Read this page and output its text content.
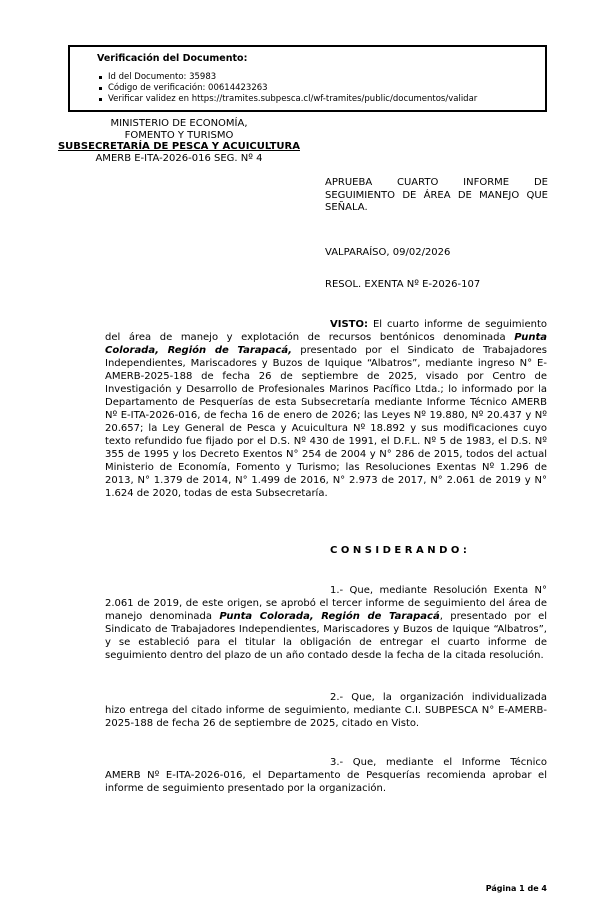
Verificación del Documento:
Id del Documento: 35983
Código de verificación: 00614423263
Verificar validez en https://tramites.subpesca.cl/wf-tramites/public/documentos/validar
MINISTERIO DE ECONOMÍA,
FOMENTO Y TURISMO
SUBSECRETARÍA DE PESCA Y ACUICULTURA
AMERB E-ITA-2026-016 SEG. Nº 4
APRUEBA CUARTO INFORME DE SEGUIMIENTO DE ÁREA DE MANEJO QUE SEÑALA.
VALPARAÍSO, 09/02/2026
RESOL. EXENTA Nº E-2026-107

VISTO: El cuarto informe de seguimiento del área de manejo y explotación de recursos bentónicos denominada Punta Colorada, Región de Tarapacá, presentado por el Sindicato de Trabajadores Independientes, Mariscadores y Buzos de Iquique “Albatros”, mediante ingreso N° E-AMERB-2025-188 de fecha 26 de septiembre de 2025, visado por Centro de Investigación y Desarrollo de Profesionales Marinos Pacífico Ltda.; lo informado por la Departamento de Pesquerías de esta Subsecretaría mediante Informe Técnico AMERB Nº E-ITA-2026-016, de fecha 16 de enero de 2026; las Leyes Nº 19.880, Nº 20.437 y Nº 20.657; la Ley General de Pesca y Acuicultura Nº 18.892 y sus modificaciones cuyo texto refundido fue fijado por el D.S. Nº 430 de 1991, el D.F.L. Nº 5 de 1983, el D.S. Nº 355 de 1995 y los Decreto Exentos N° 254 de 2004 y N° 286 de 2015, todos del actual Ministerio de Economía, Fomento y Turismo; las Resoluciones Exentas Nº 1.296 de 2013, N° 1.379 de 2014, N° 1.499 de 2016, N° 2.973 de 2017, N° 2.061 de 2019 y N° 1.624 de 2020, todas de esta Subsecretaría.

CONSIDERANDO:

1.- Que, mediante Resolución Exenta N° 2.061 de 2019, de este origen, se aprobó el tercer informe de seguimiento del área de manejo denominada Punta Colorada, Región de Tarapacá, presentado por el Sindicato de Trabajadores Independientes, Mariscadores y Buzos de Iquique “Albatros”, y se estableció para el titular la obligación de entregar el cuarto informe de seguimiento dentro del plazo de un año contado desde la fecha de la citada resolución.

2.- Que, la organización individualizada hizo entrega del citado informe de seguimiento, mediante C.I. SUBPESCA N° E-AMERB-2025-188 de fecha 26 de septiembre de 2025, citado en Visto.

3.- Que, mediante el Informe Técnico AMERB Nº E-ITA-2026-016, el Departamento de Pesquerías recomienda aprobar el informe de seguimiento presentado por la organización.

Página 1 de 4
